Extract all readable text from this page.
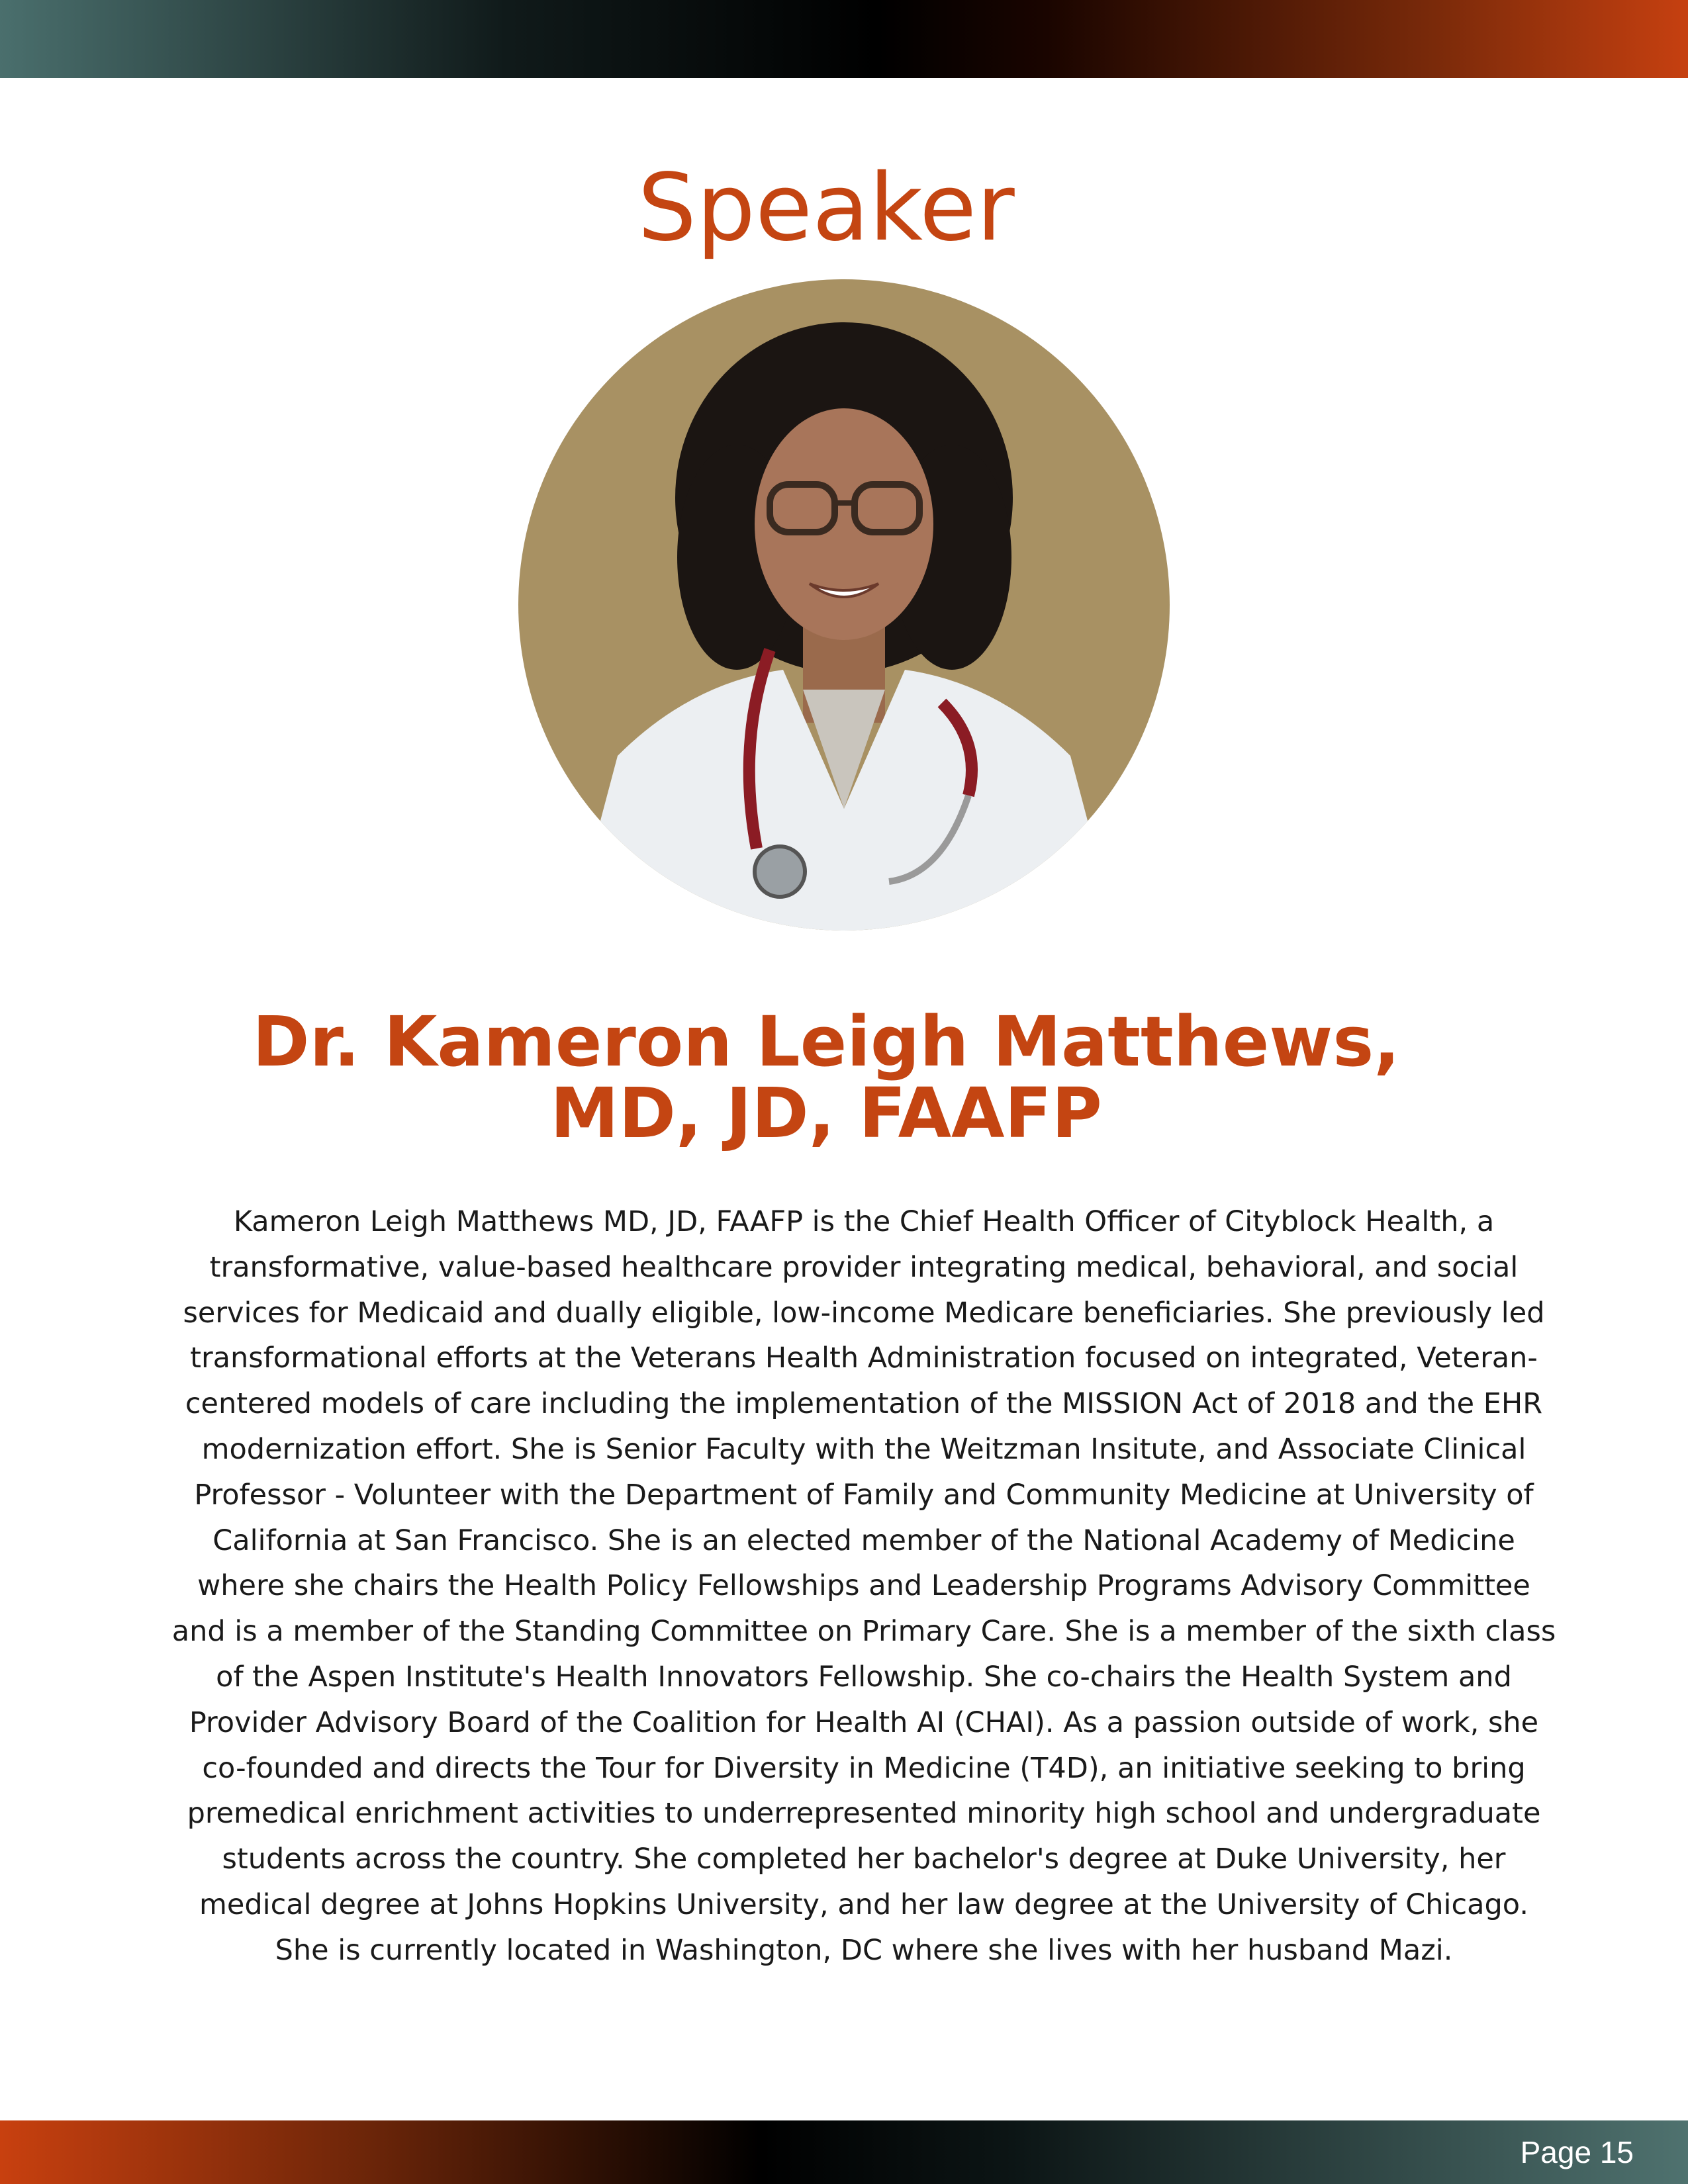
Speaker
Dr. Kameron Leigh Matthews,
MD, JD, FAAFP

Kameron Leigh Matthews MD, JD, FAAFP is the Chief Health Officer of Cityblock Health, a transformative, value-based healthcare provider integrating medical, behavioral, and social services for Medicaid and dually eligible, low-income Medicare beneficiaries. She previously led transformational efforts at the Veterans Health Administration focused on integrated, Veteran-centered models of care including the implementation of the MISSION Act of 2018 and the EHR modernization effort. She is Senior Faculty with the Weitzman Insitute, and Associate Clinical Professor - Volunteer with the Department of Family and Community Medicine at University of California at San Francisco. She is an elected member of the National Academy of Medicine where she chairs the Health Policy Fellowships and Leadership Programs Advisory Committee and is a member of the Standing Committee on Primary Care. She is a member of the sixth class of the Aspen Institute's Health Innovators Fellowship. She co-chairs the Health System and Provider Advisory Board of the Coalition for Health AI (CHAI). As a passion outside of work, she co-founded and directs the Tour for Diversity in Medicine (T4D), an initiative seeking to bring premedical enrichment activities to underrepresented minority high school and undergraduate students across the country. She completed her bachelor's degree at Duke University, her medical degree at Johns Hopkins University, and her law degree at the University of Chicago. She is currently located in Washington, DC where she lives with her husband Mazi.

Page 15
